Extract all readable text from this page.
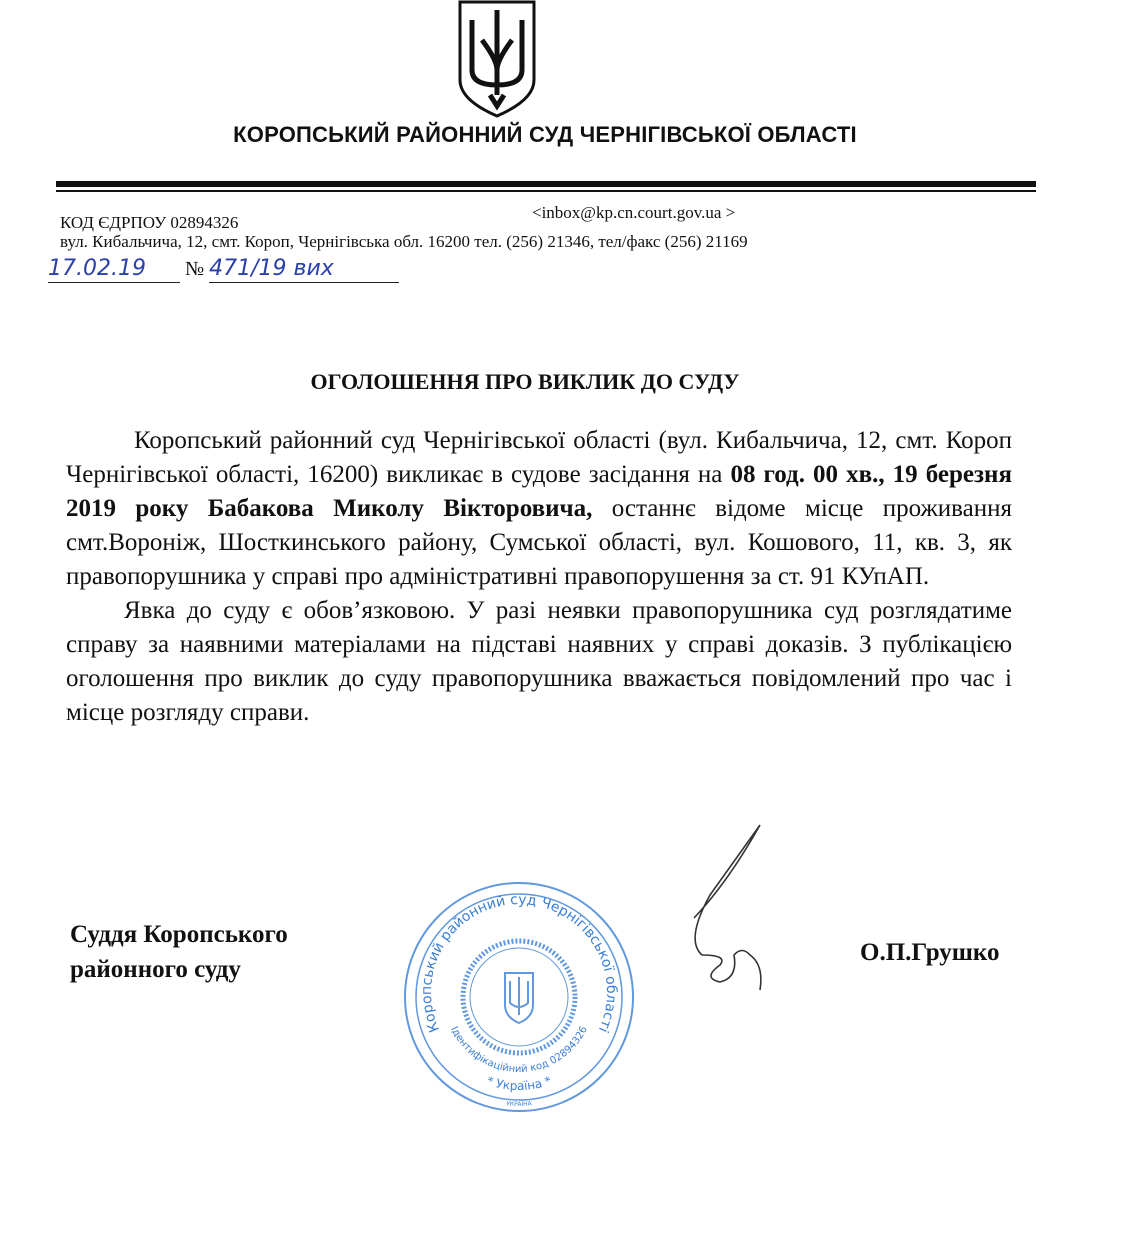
КОРОПСЬКИЙ РАЙОННИЙ СУД ЧЕРНІГІВСЬКОЇ ОБЛАСТІ
КОД ЄДРПОУ 02894326
<inbox@kp.cn.court.gov.ua >
вул. Кибальчича, 12, смт. Короп, Чернігівська обл. 16200 тел. (256) 21346, тел/факс (256) 21169
17.02.19 № 471/19 вих
ОГОЛОШЕННЯ ПРО ВИКЛИК ДО СУДУ

Коропський районний суд Чернігівської області (вул. Кибальчича, 12, смт. Короп Чернігівської області, 16200) викликає в судове засідання на 08 год. 00 хв., 19 березня 2019 року Бабакова Миколу Вікторовича, останнє відоме місце проживання смт.Вороніж, Шосткинського району, Сумської області, вул. Кошового, 11, кв. 3, як правопорушника у справі про адміністративні правопорушення за ст. 91 КУпАП.

Явка до суду є обов’язковою. У разі неявки правопорушника суд розглядатиме справу за наявними матеріалами на підставі наявних у справі доказів. З публікацією оголошення про виклик до суду правопорушника вважається повідомлений про час і місце розгляду справи.

Суддя Коропського
районного суду
О.П.Грушко
Коропський районний суд Чернігівської області
Ідентифікаційний код 02894326
* Україна *
УКРАЇНА
